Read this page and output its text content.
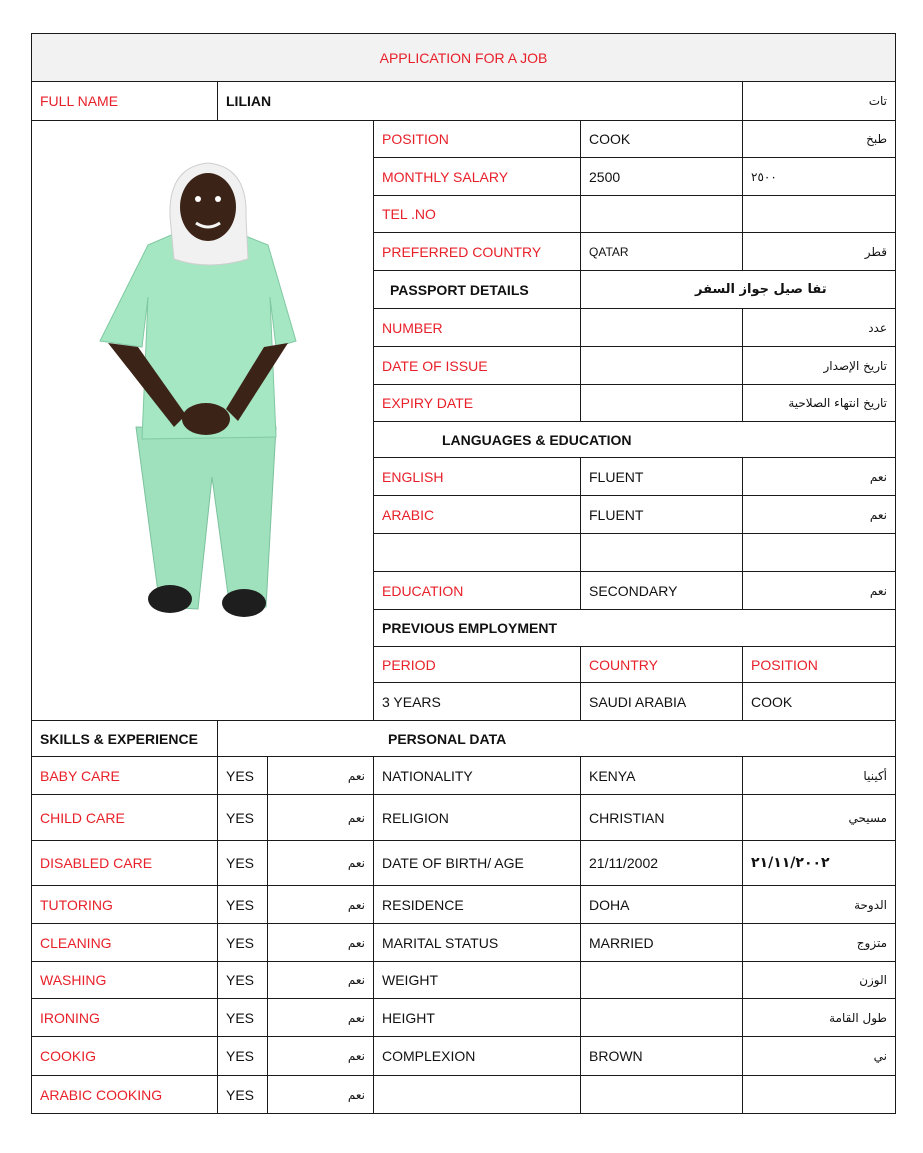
APPLICATION FOR A JOB					
FULL NAME	LILIAN				تات

	POSITION	COOK	طبخ
			MONTHLY SALARY	2500	٢٥٠٠
			TEL .NO		
			PREFERRED COUNTRY	QATAR	قطر
			PASSPORT DETAILS	تفا صيل جواز السفر	
			NUMBER		عدد
			DATE OF ISSUE		تاريخ الإصدار
			EXPIRY DATE		تاريخ انتهاء الصلاحية
			LANGUAGES & EDUCATION		
			ENGLISH	FLUENT	نعم
			ARABIC	FLUENT	نعم

			EDUCATION	SECONDARY	نعم
			PREVIOUS EMPLOYMENT		
			PERIOD	COUNTRY	POSITION
			3 YEARS	SAUDI ARABIA	COOK
SKILLS & EXPERIENCE	PERSONAL DATA				
BABY CARE	YES	نعم	NATIONALITY	KENYA	أكينيا
CHILD CARE	YES	نعم	RELIGION	CHRISTIAN	مسيحي
DISABLED CARE	YES	نعم	DATE OF BIRTH/ AGE	21/11/2002	٢١/١١/٢٠٠٢
TUTORING	YES	نعم	RESIDENCE	DOHA	الدوحة
CLEANING	YES	نعم	MARITAL STATUS	MARRIED	متزوج
WASHING	YES	نعم	WEIGHT		الوزن
IRONING	YES	نعم	HEIGHT		طول القامة
COOKIG	YES	نعم	COMPLEXION	BROWN	ني
ARABIC COOKING	YES	نعم			
